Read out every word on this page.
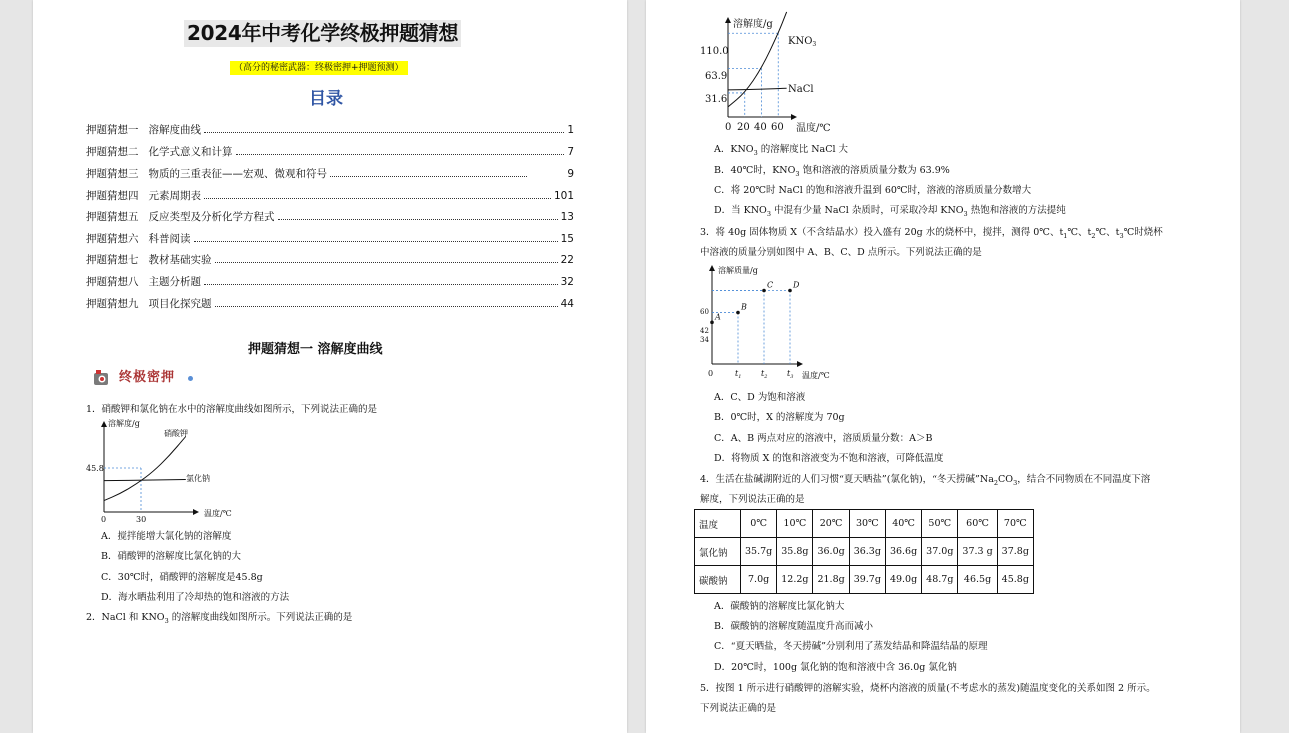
2024年中考化学终极押题猜想
（高分的秘密武器：终极密押+押题预测）
目录
押题猜想一 溶解度曲线	1
押题猜想二 化学式意义和计算	7
押题猜想三 物质的三重表征——宏观、微观和符号	9
押题猜想四 元素周期表	101
押题猜想五 反应类型及分析化学方程式	13
押题猜想六 科普阅读	15
押题猜想七 教材基础实验	22
押题猜想八 主题分析题	32
押题猜想九 项目化探究题	44
押题猜想一 溶解度曲线
终极密押
1．硝酸钾和氯化钠在水中的溶解度曲线如图所示，下列说法正确的是
溶解度/g
温度/℃
0	30
45.8
硝酸钾
氯化钠
A．搅拌能增大氯化钠的溶解度
B．硝酸钾的溶解度比氯化钠的大
C．30℃时，硝酸钾的溶解度是45.8g
D．海水晒盐利用了冷却热的饱和溶液的方法
2．NaCl 和 $KNO_3$ 的溶解度曲线如图所示。下列说法正确的是
溶解度/g
温度/℃
0 20 40 60
110.0
63.9
31.6
$KNO_3$
NaCl
A．$KNO_3$ 的溶解度比 NaCl 大
B．40℃时，$KNO_3$ 饱和溶液的溶质质量分数为 63.9%
C．将 20℃时 NaCl 的饱和溶液升温到 60℃时，溶液的溶质质量分数增大
D．当 $KNO_3$ 中混有少量 NaCl 杂质时，可采取冷却 $KNO_3$ 热饱和溶液的方法提纯
3．将 40g 固体物质 X（不含结晶水）投入盛有 20g 水的烧杯中，搅拌，测得 0℃、$t_1℃$、$t_2℃$、$t_3℃$时烧杯
中溶液的质量分别如图中 A、B、C、D 点所示。下列说法正确的是
溶解质量/g
温度/℃
0	$t_1$ $t_2$ $t_3$
60
42
34
A
B
C D
A．C、D 为饱和溶液
B．0℃时，X 的溶解度为 70g
C．A、B 两点对应的溶液中，溶质质量分数：A＞B
D．将物质 X 的饱和溶液变为不饱和溶液，可降低温度
4．生活在盐碱湖附近的人们习惯“夏天晒盐”(氯化钠)，“冬天捞碱$”Na_2CO_3$，结合不同物质在不同温度下溶
解度，下列说法正确的是
温度	0℃	10℃	20℃	30℃	40℃	50℃	60℃	70℃
氯化钠	35.7g	35.8g	36.0g	36.3g	36.6g	37.0g	37.3 g	37.8g
碳酸钠	7.0g	12.2g	21.8g	39.7g	49.0g	48.7g	46.5g	45.8g
A．碳酸钠的溶解度比氯化钠大
B．碳酸钠的溶解度随温度升高而减小
C．“夏天晒盐，冬天捞碱”分别利用了蒸发结晶和降温结晶的原理
D．20℃时，100g 氯化钠的饱和溶液中含 36.0g 氯化钠
5．按图 1 所示进行硝酸钾的溶解实验，烧杯内溶液的质量(不考虑水的蒸发)随温度变化的关系如图 2 所示。
下列说法正确的是
